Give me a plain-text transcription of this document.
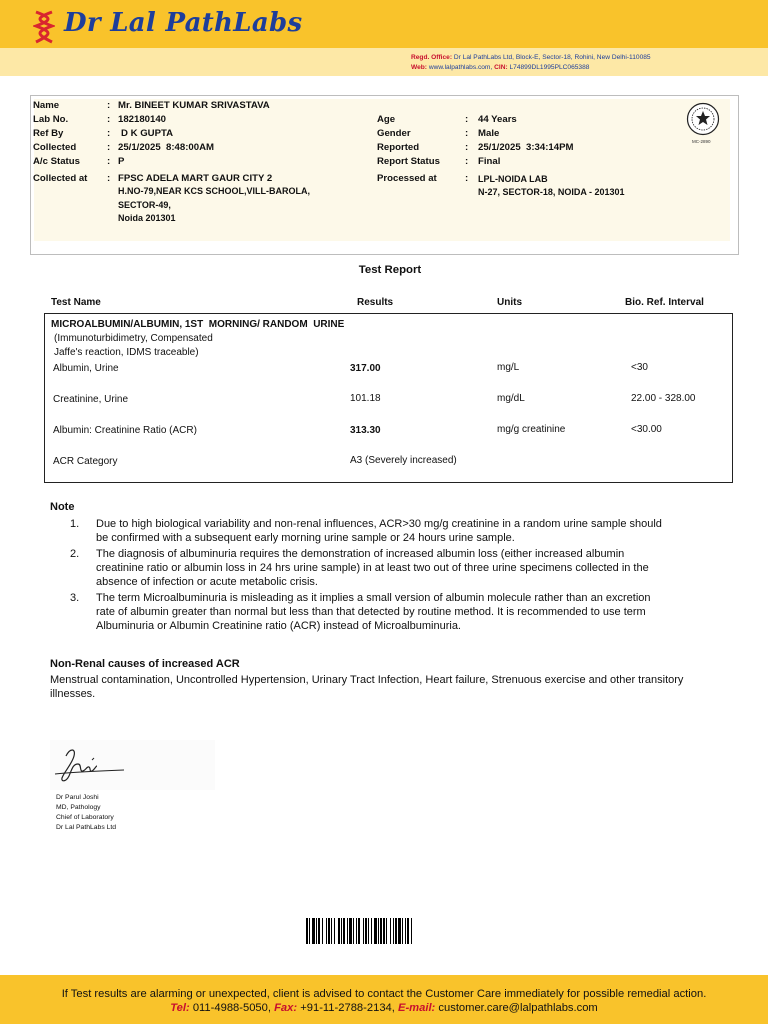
Dr Lal PathLabs
Regd. Office: Dr Lal PathLabs Ltd, Block-E, Sector-18, Rohini, New Delhi-110085
Web: www.lalpathlabs.com, CIN: L74899DL1995PLC065388
Name	: Mr. BINEET KUMAR SRIVASTAVA
Lab No.	: 182180140
Ref By	: D K GUPTA
Collected	: 25/1/2025  8:48:00AM
A/c Status	: P
Collected at : FPSC ADELA MART GAUR CITY 2
H.NO-79,NEAR KCS SCHOOL,VILL-BAROLA,
SECTOR-49,
Noida 201301
Age	: 44 Years
Gender	: Male
Reported	: 25/1/2025  3:34:14PM
Report Status	: Final
Processed at	: LPL-NOIDA LAB
N-27, SECTOR-18, NOIDA - 201301
MC-2890
Test Report
Test Name	Results	Units	Bio. Ref. Interval
MICROALBUMIN/ALBUMIN, 1ST  MORNING/ RANDOM  URINE
(Immunoturbidimetry, Compensated
Jaffe's reaction, IDMS traceable)
Albumin, Urine	317.00	mg/L	<30
Creatinine, Urine	101.18	mg/dL	22.00 - 328.00
Albumin: Creatinine Ratio (ACR)	313.30	mg/g creatinine	<30.00
ACR Category	A3 (Severely increased)
Note
1. Due to high biological variability and non-renal influences, ACR>30 mg/g creatinine in a random urine sample should be confirmed with a subsequent early morning urine sample or 24 hours urine sample.
2. The diagnosis of albuminuria requires the demonstration of increased albumin loss (either increased albumin creatinine ratio or albumin loss in 24 hrs urine sample) in at least two out of three urine specimens collected in the absence of infection or acute metabolic crisis.
3. The term Microalbuminuria is misleading as it implies a small version of albumin molecule rather than an excretion rate of albumin greater than normal but less than that detected by routine method. It is recommended to use term Albuminuria or Albumin Creatinine ratio (ACR) instead of Microalbuminuria.
Non-Renal causes of increased ACR
Menstrual contamination, Uncontrolled Hypertension, Urinary Tract Infection, Heart failure, Strenuous exercise and other transitory illnesses.
Dr Parul Joshi
MD, Pathology
Chief of Laboratory
Dr Lal PathLabs Ltd
If Test results are alarming or unexpected, client is advised to contact the Customer Care immediately for possible remedial action.
Tel: 011-4988-5050, Fax: +91-11-2788-2134, E-mail: customer.care@lalpathlabs.com
